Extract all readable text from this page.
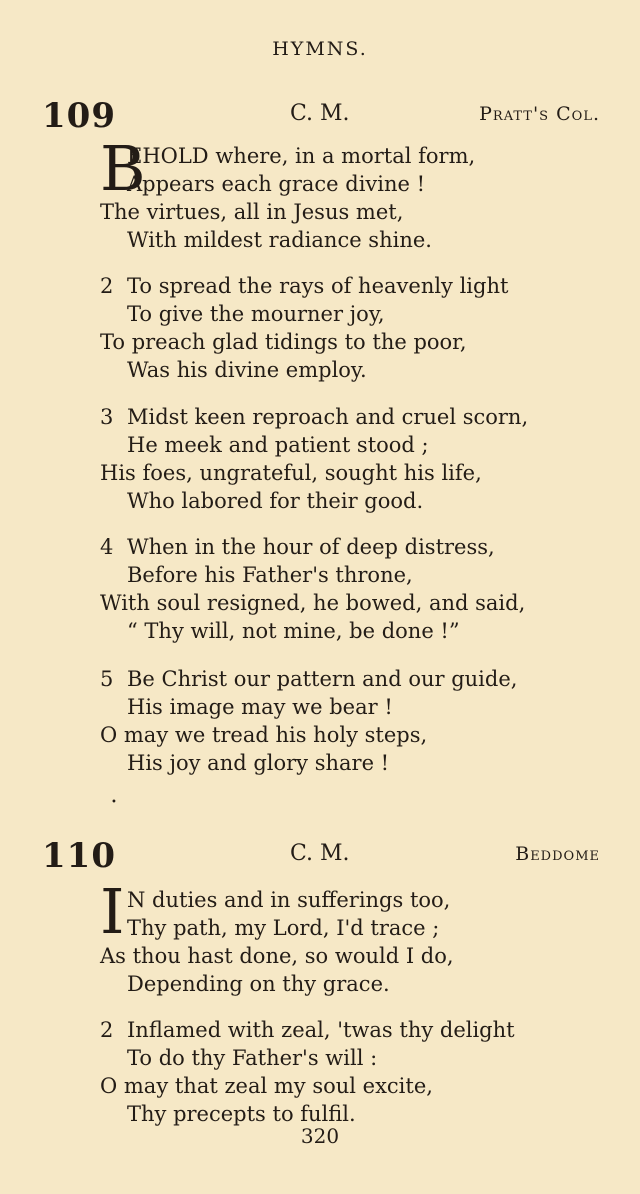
HYMNS.
109	C. M.	Pratt's Col.
B
EHOLD where, in a mortal form,
Appears each grace divine !
The virtues, all in Jesus met,
With mildest radiance shine.
2 To spread the rays of heavenly light
To give the mourner joy,
To preach glad tidings to the poor,
Was his divine employ.
3 Midst keen reproach and cruel scorn,
He meek and patient stood ;
His foes, ungrateful, sought his life,
Who labored for their good.
4 When in the hour of deep distress,
Before his Father's throne,
With soul resigned, he bowed, and said,
“ Thy will, not mine, be done !”
5 Be Christ our pattern and our guide,
His image may we bear !
O may we tread his holy steps,
His joy and glory share !
•
110	C. M.	Beddome
I N duties and in sufferings too,
Thy path, my Lord, I'd trace ;
As thou hast done, so would I do,
Depending on thy grace.
2 Inflamed with zeal, 'twas thy delight
To do thy Father's will :
O may that zeal my soul excite,
Thy precepts to fulfil.
320
